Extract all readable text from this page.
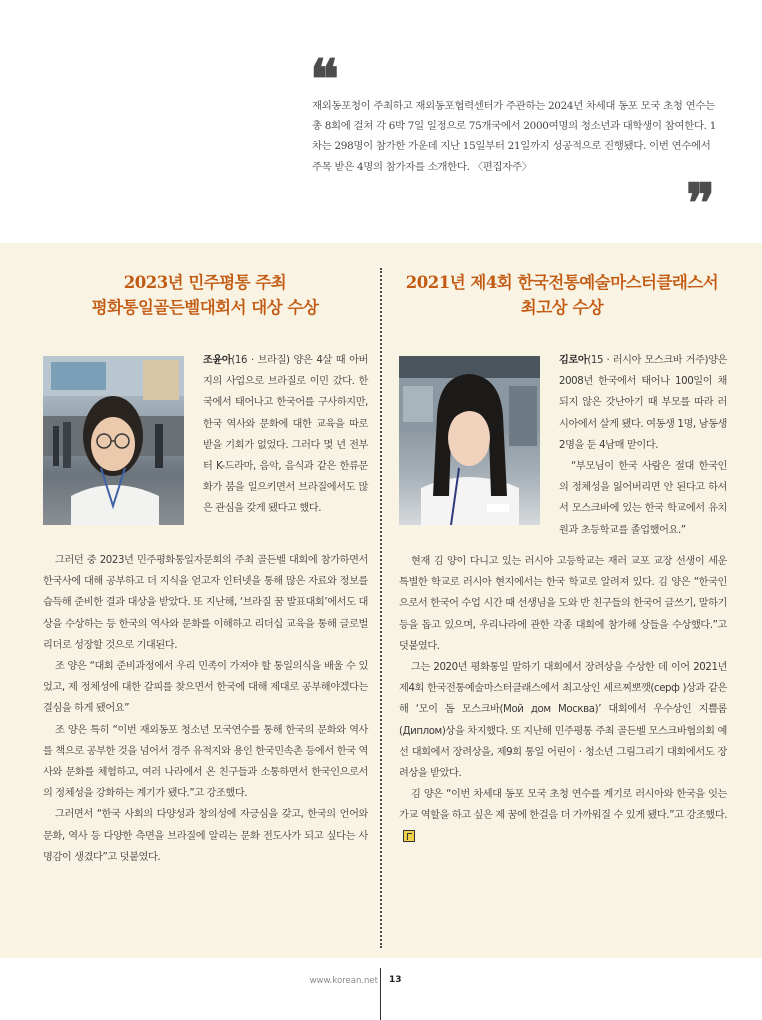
❝

재외동포청이 주최하고 재외동포협력센터가 주관하는 2024년 차세대 동포 모국 초청 연수는 총 8회에 걸쳐 각 6박 7일 일정으로 75개국에서 2000여명의 청소년과 대학생이 참여한다. 1차는 298명이 참가한 가운데 지난 15일부터 21일까지 성공적으로 진행됐다. 이번 연수에서 주목 받은 4명의 참가자를 소개한다. 〈편집자주〉

❞
2023년 민주평통 주최
평화통일골든벨대회서 대상 수상

조윤아(16 · 브라질) 양은 4살 때 아버지의 사업으로 브라질로 이민 갔다. 한국에서 태어나고 한국어를 구사하지만, 한국 역사와 문화에 대한 교육을 따로 받을 기회가 없었다. 그러다 몇 년 전부터 K-드라마, 음악, 음식과 같은 한류문화가 붐을 일으키면서 브라질에서도 많은 관심을 갖게 됐다고 했다.

그러던 중 2023년 민주평화통일자문회의 주최 골든벨 대회에 참가하면서 한국사에 대해 공부하고 더 지식을 얻고자 인터넷을 통해 많은 자료와 정보를 습득해 준비한 결과 대상을 받았다. 또 지난해, ‘브라질 꿈 발표대회’에서도 대상을 수상하는 등 한국의 역사와 문화를 이해하고 리더십 교육을 통해 글로벌리더로 성장할 것으로 기대된다.
조 양은 “대회 준비과정에서 우리 민족이 가져야 할 통일의식을 배울 수 있었고, 제 정체성에 대한 갈피를 찾으면서 한국에 대해 제대로 공부해야겠다는 결심을 하게 됐어요”
조 양은 특히 “이번 재외동포 청소년 모국연수를 통해 한국의 문화와 역사를 책으로 공부한 것을 넘어서 경주 유적지와 용인 한국민속촌 등에서 한국 역사와 문화를 체험하고, 여러 나라에서 온 친구들과 소통하면서 한국인으로서의 정체성을 강화하는 계기가 됐다.”고 강조했다.
그러면서 “한국 사회의 다양성과 창의성에 자긍심을 갖고, 한국의 언어와 문화, 역사 등 다양한 측면을 브라질에 알리는 문화 전도사가 되고 싶다는 사명감이 생겼다”고 덧붙였다.
2021년 제4회 한국전통예술마스터클래스서
최고상 수상

김로아(15 · 러시아 모스크바 거주)양은 2008년 한국에서 태어나 100일이 채 되지 않은 갓난아기 때 부모를 따라 러시아에서 살게 됐다. 여동생 1명, 남동생 2명을 둔 4남매 맏이다.
“부모님이 한국 사람은 절대 한국인의 정체성을 잃어버리면 안 된다고 하셔서 모스크바에 있는 한국 학교에서 유치원과 초등학교를 졸업했어요.”

현재 김 양이 다니고 있는 러시아 고등학교는 재러 교포 교장 선생이 세운 특별한 학교로 러시아 현지에서는 한국 학교로 알려져 있다. 김 양은 “한국인으로서 한국어 수업 시간 때 선생님을 도와 반 친구들의 한국어 글쓰기, 말하기 등을 돕고 있으며, 우리나라에 관한 각종 대회에 참가해 상들을 수상했다.”고 덧붙였다.
그는 2020년 평화통일 말하기 대회에서 장려상을 수상한 데 이어 2021년 제4회 한국전통예술마스터클래스에서 최고상인 세르찌뽀깻(сeрф )상과 같은 해 ‘모이 돔 모스크바(Мой дом Москва)’ 대회에서 우수상인 지쁠롬(Диплом)상을 차지했다. 또 지난해 민주평통 주최 골든벨 모스크바협의회 예선 대회에서 장려상을, 제9회 통일 어린이 · 청소년 그림그리기 대회에서도 장려상을 받았다.
김 양은 “이번 차세대 동포 모국 초청 연수를 계기로 러시아와 한국을 잇는 가교 역할을 하고 싶은 제 꿈에 한걸음 더 가까워질 수 있게 됐다.”고 강조했다.
www.korean.net 13
